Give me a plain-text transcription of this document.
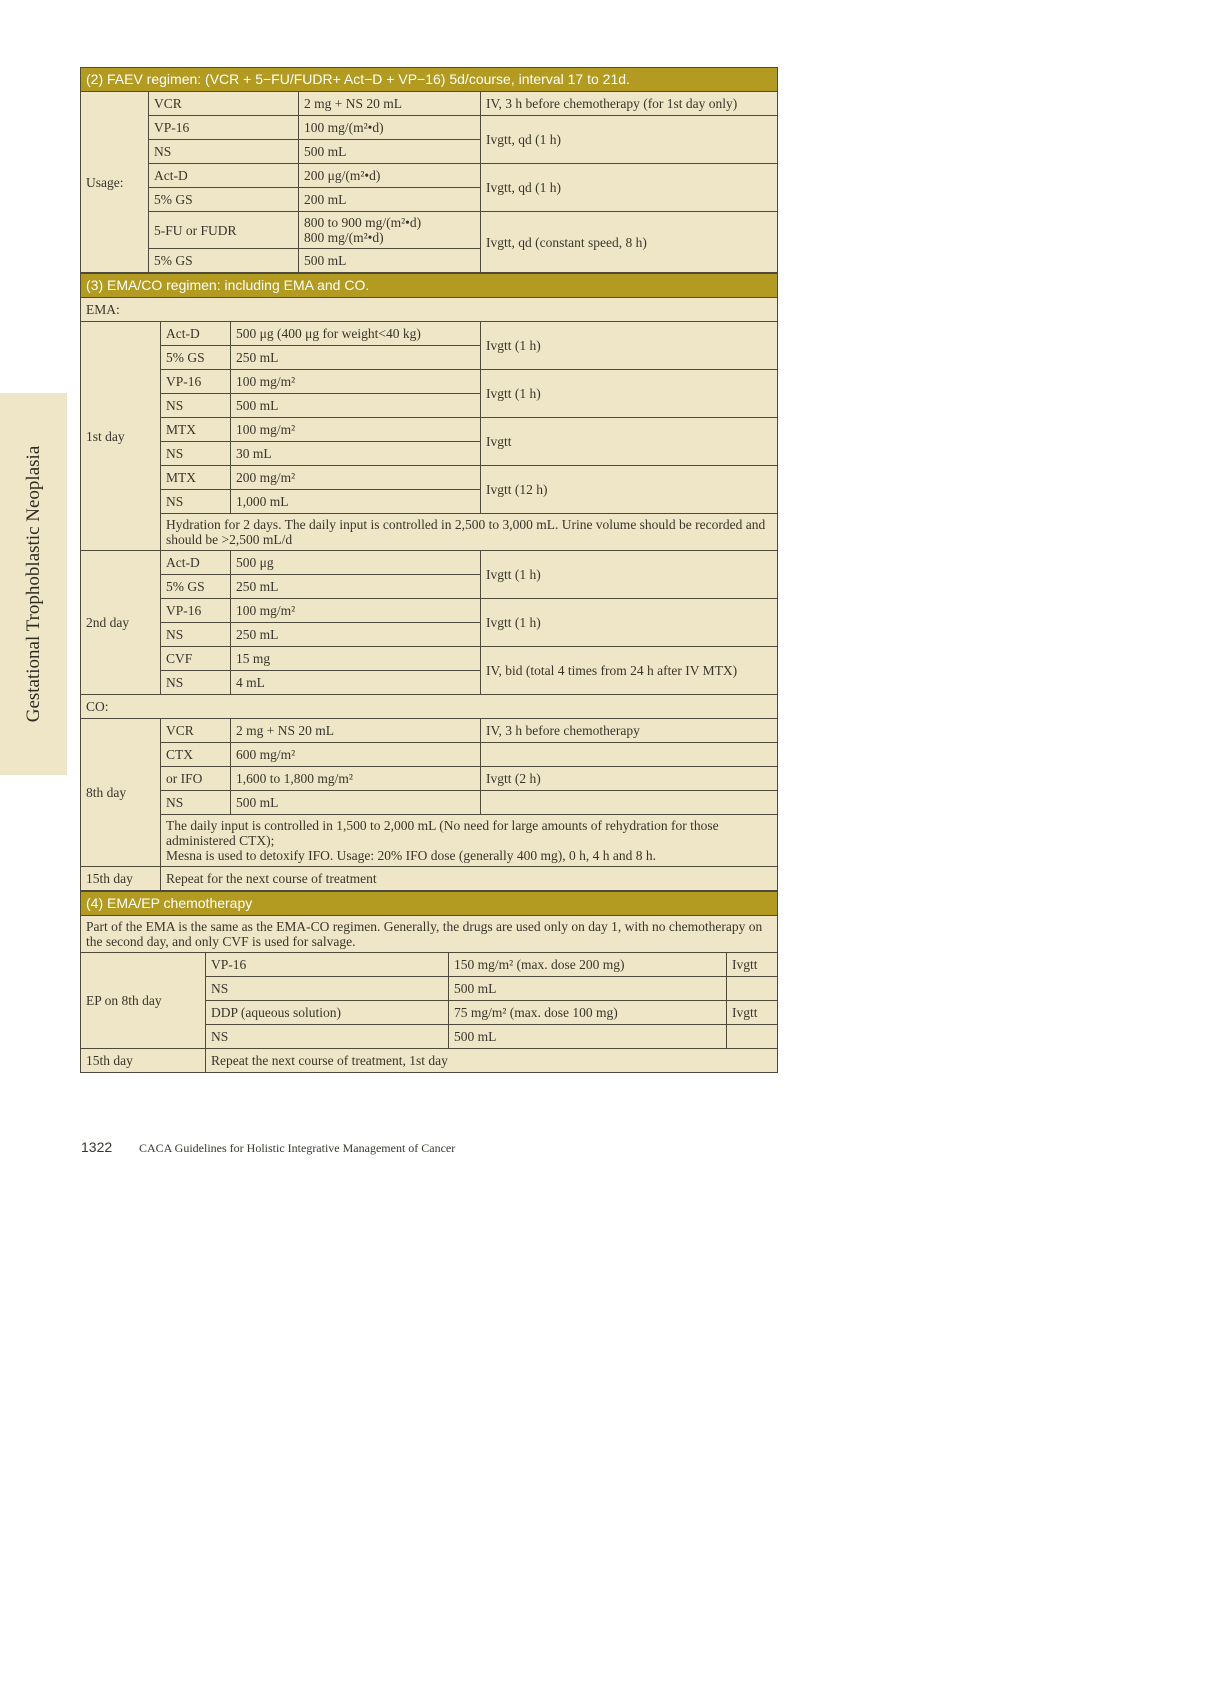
Gestational Trophoblastic Neoplasia
(2) FAEV regimen: (VCR + 5−FU/FUDR+ Act−D + VP−16) 5d/course, interval 17 to 21d.			
Usage:	VCR	2 mg + NS 20 mL	IV, 3 h before chemotherapy (for 1st day only)
	VP-16	100 mg/(m²•d)	Ivgtt, qd (1 h)
	NS	500 mL	
	Act-D	200 μg/(m²•d)	Ivgtt, qd (1 h)
	5% GS	200 mL	
	5-FU or FUDR	800 to 900 mg/(m²•d)
800 mg/(m²•d)	Ivgtt, qd (constant speed, 8 h)
	5% GS	500 mL	
(3) EMA/CO regimen: including EMA and CO.			
EMA:			
1st day	Act-D	500 μg (400 μg for weight<40 kg)	Ivgtt (1 h)
	5% GS	250 mL	
	VP-16	100 mg/m²	Ivgtt (1 h)
	NS	500 mL	
	MTX	100 mg/m²	Ivgtt
	NS	30 mL	
	MTX	200 mg/m²	Ivgtt (12 h)
	NS	1,000 mL	
	Hydration for 2 days. The daily input is controlled in 2,500 to 3,000 mL. Urine volume should be recorded and should be >2,500 mL/d		
2nd day	Act-D	500 μg	Ivgtt (1 h)
	5% GS	250 mL	
	VP-16	100 mg/m²	Ivgtt (1 h)
	NS	250 mL	
	CVF	15 mg	IV, bid (total 4 times from 24 h after IV MTX)
	NS	4 mL	
CO:			
8th day	VCR	2 mg + NS 20 mL	IV, 3 h before chemotherapy
	CTX	600 mg/m²	
	or IFO	1,600 to 1,800 mg/m²	Ivgtt (2 h)
	NS	500 mL	

	The daily input is controlled in 1,500 to 2,000 mL (No need for large amounts of rehydration for those administered CTX);
Mesna is used to detoxify IFO. Usage: 20% IFO dose (generally 400 mg), 0 h, 4 h and 8 h.		

15th day	Repeat for the next course of treatment		
(4) EMA/EP chemotherapy			
Part of the EMA is the same as the EMA-CO regimen. Generally, the drugs are used only on day 1, with no chemotherapy on the second day, and only CVF is used for salvage.			
EP on 8th day	VP-16	150 mg/m² (max. dose 200 mg)	Ivgtt
	NS	500 mL	
	DDP (aqueous solution)	75 mg/m² (max. dose 100 mg)	Ivgtt
	NS	500 mL	
15th day	Repeat the next course of treatment, 1st day		
1322 CACA Guidelines for Holistic Integrative Management of Cancer
